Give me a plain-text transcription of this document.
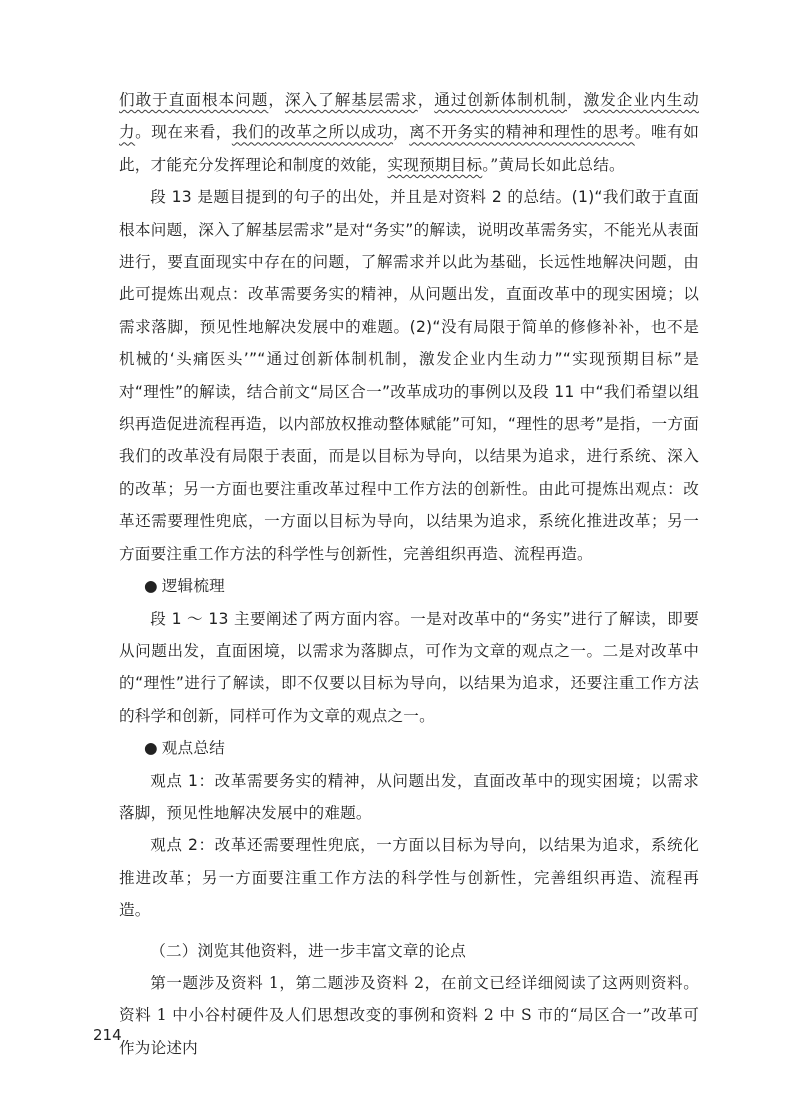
们敢于直面根本问题，深入了解基层需求，通过创新体制机制，激发企业内生动力。现在来看，我们的改革之所以成功，离不开务实的精神和理性的思考。唯有如此，才能充分发挥理论和制度的效能，实现预期目标。”黄局长如此总结。

段 13 是题目提到的句子的出处，并且是对资料 2 的总结。(1)“我们敢于直面根本问题，深入了解基层需求”是对“务实”的解读，说明改革需务实，不能光从表面进行，要直面现实中存在的问题，了解需求并以此为基础，长远性地解决问题，由此可提炼出观点：改革需要务实的精神，从问题出发，直面改革中的现实困境；以需求落脚，预见性地解决发展中的难题。(2)“没有局限于简单的修修补补，也不是机械的‘头痛医头’”“通过创新体制机制，激发企业内生动力”“实现预期目标”是对“理性”的解读，结合前文“局区合一”改革成功的事例以及段 11 中“我们希望以组织再造促进流程再造，以内部放权推动整体赋能”可知，“理性的思考”是指，一方面我们的改革没有局限于表面，而是以目标为导向，以结果为追求，进行系统、深入的改革；另一方面也要注重改革过程中工作方法的创新性。由此可提炼出观点：改革还需要理性兜底，一方面以目标为导向，以结果为追求，系统化推进改革；另一方面要注重工作方法的科学性与创新性，完善组织再造、流程再造。

● 逻辑梳理

段 1 ～ 13 主要阐述了两方面内容。一是对改革中的“务实”进行了解读，即要从问题出发，直面困境，以需求为落脚点，可作为文章的观点之一。二是对改革中的“理性”进行了解读，即不仅要以目标为导向，以结果为追求，还要注重工作方法的科学和创新，同样可作为文章的观点之一。

● 观点总结

观点 1：改革需要务实的精神，从问题出发，直面改革中的现实困境；以需求落脚，预见性地解决发展中的难题。

观点 2：改革还需要理性兜底，一方面以目标为导向，以结果为追求，系统化推进改革；另一方面要注重工作方法的科学性与创新性，完善组织再造、流程再造。

（二）浏览其他资料，进一步丰富文章的论点

第一题涉及资料 1，第二题涉及资料 2，在前文已经详细阅读了这两则资料。资料 1 中小谷村硬件及人们思想改变的事例和资料 2 中 S 市的“局区合一”改革可作为论述内

214
